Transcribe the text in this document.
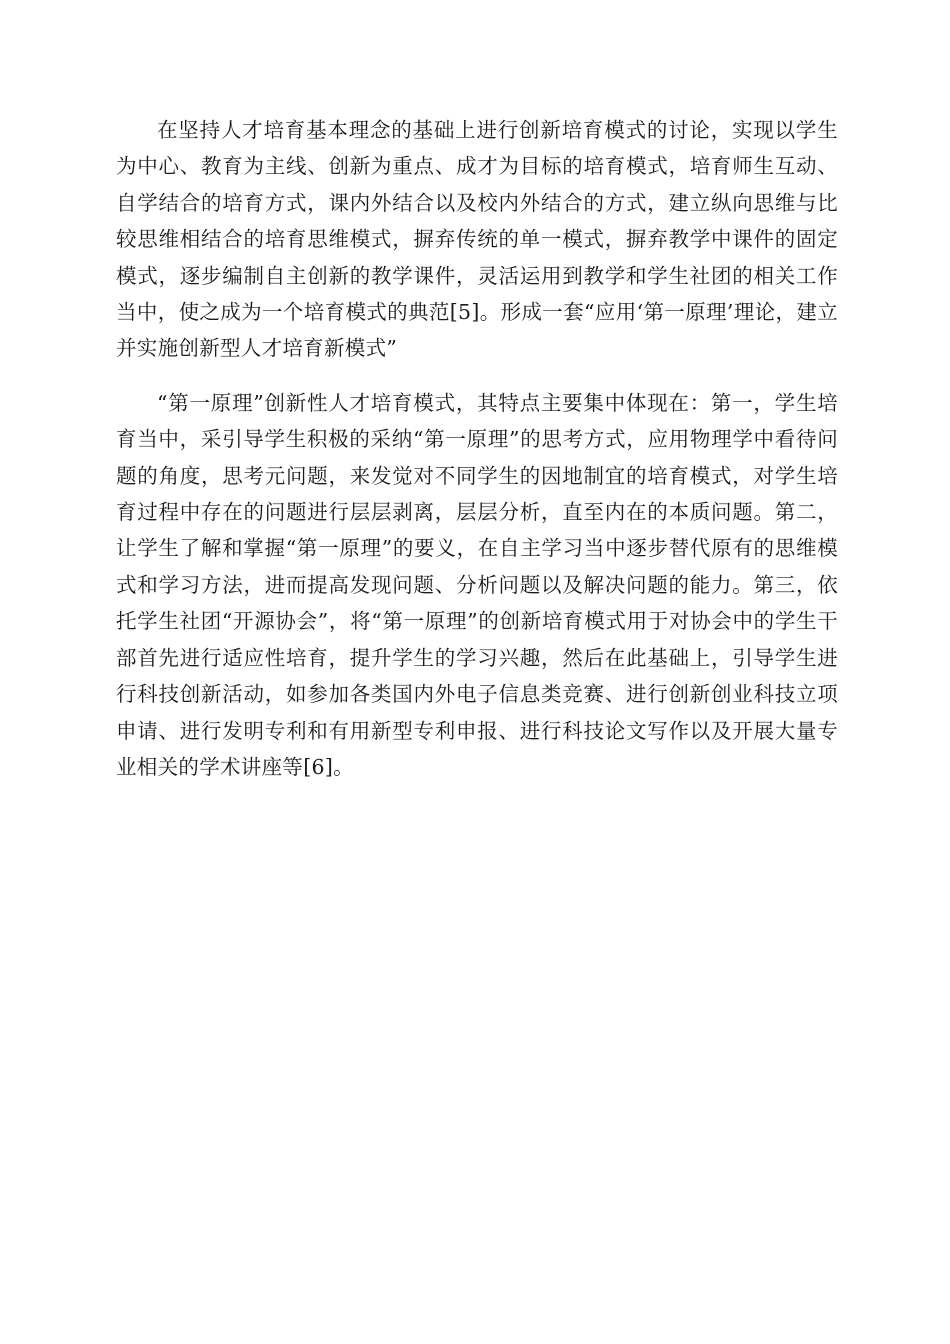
在坚持人才培育基本理念的基础上进行创新培育模式的讨论，实现以学生为中心、教育为主线、创新为重点、成才为目标的培育模式，培育师生互动、自学结合的培育方式，课内外结合以及校内外结合的方式，建立纵向思维与比较思维相结合的培育思维模式，摒弃传统的单一模式，摒弃教学中课件的固定模式，逐步编制自主创新的教学课件，灵活运用到教学和学生社团的相关工作当中，使之成为一个培育模式的典范[5]。形成一套“应用‘第一原理’理论，建立并实施创新型人才培育新模式”

“第一原理”创新性人才培育模式，其特点主要集中体现在：第一，学生培育当中，采引导学生积极的采纳“第一原理”的思考方式，应用物理学中看待问题的角度，思考元问题，来发觉对不同学生的因地制宜的培育模式，对学生培育过程中存在的问题进行层层剥离，层层分析，直至内在的本质问题。第二，让学生了解和掌握“第一原理”的要义，在自主学习当中逐步替代原有的思维模式和学习方法，进而提高发现问题、分析问题以及解决问题的能力。第三，依托学生社团“开源协会”，将“第一原理”的创新培育模式用于对协会中的学生干部首先进行适应性培育，提升学生的学习兴趣，然后在此基础上，引导学生进行科技创新活动，如参加各类国内外电子信息类竞赛、进行创新创业科技立项申请、进行发明专利和有用新型专利申报、进行科技论文写作以及开展大量专业相关的学术讲座等[6]。
